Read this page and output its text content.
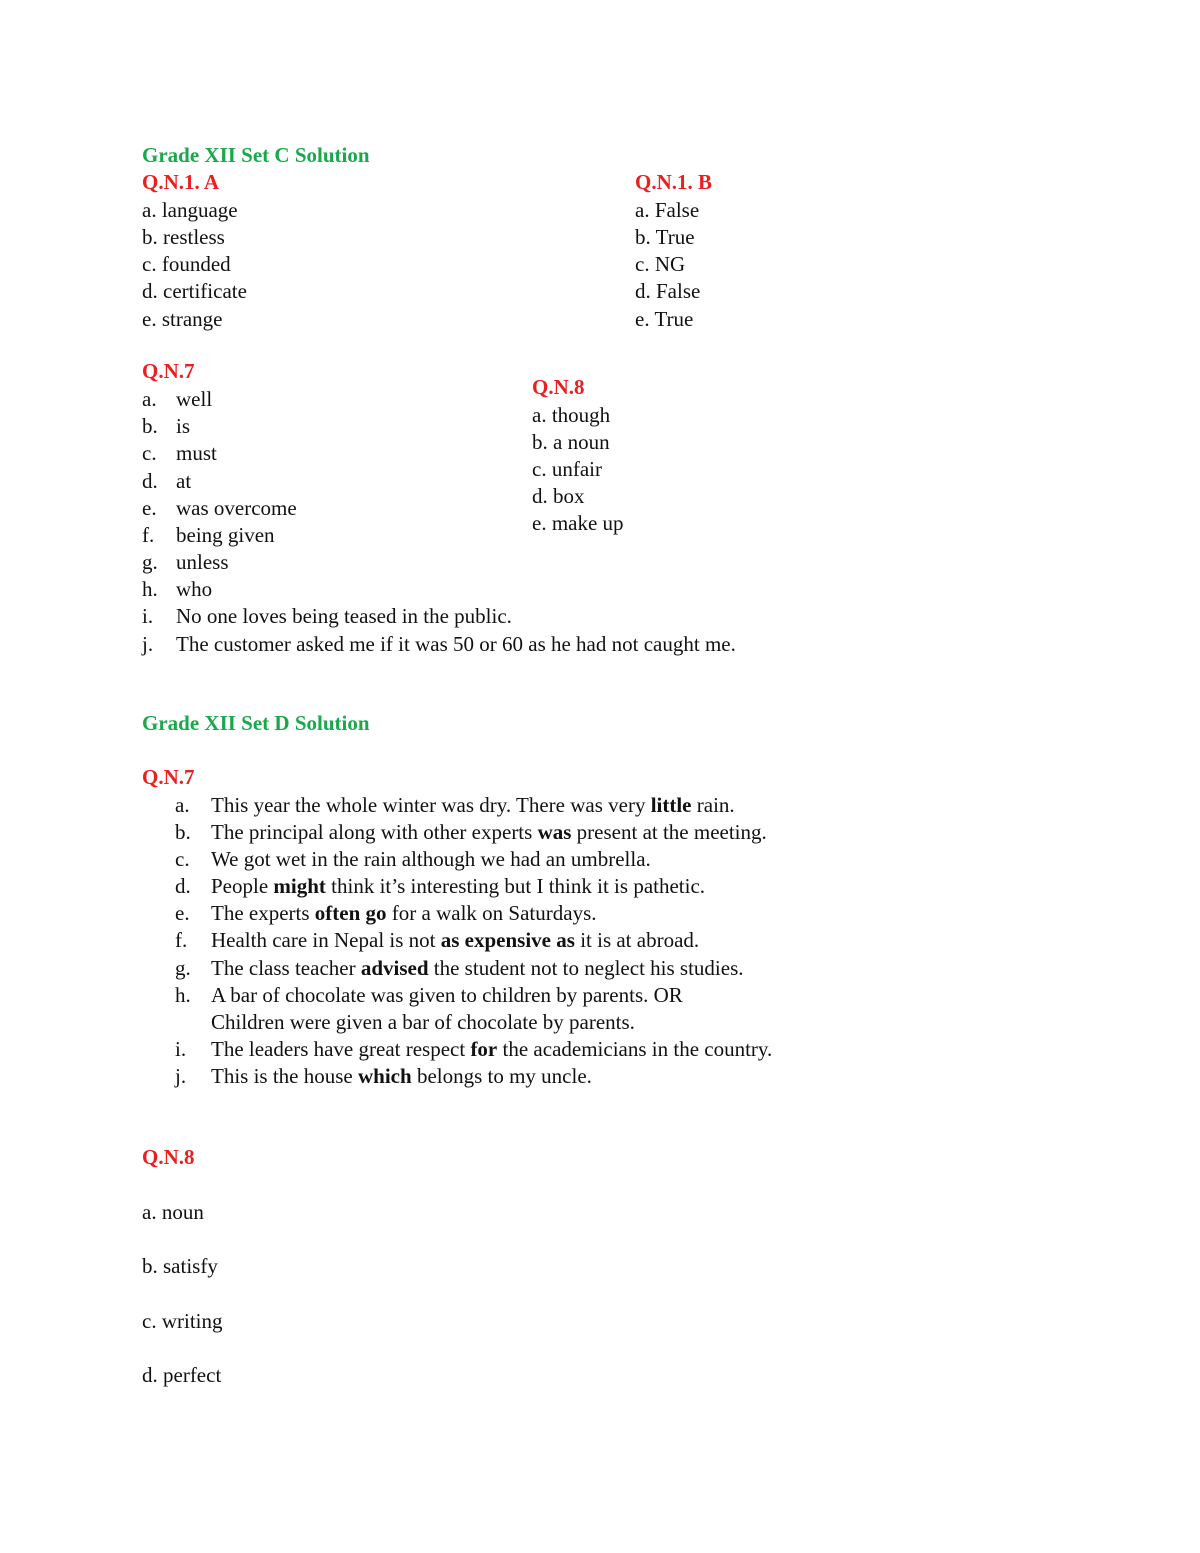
Grade XII Set C Solution
Q.N.1. A
a. language
b. restless
c. founded
d. certificate
e. strange
Q.N.1. B
a. False
b. True
c. NG
d. False
e. True
Q.N.7
a. well
b. is
c. must
d. at
e. was overcome
f. being given
g. unless
h. who
i. No one loves being teased in the public.
j. The customer asked me if it was 50 or 60 as he had not caught me.
Q.N.8
a. though
b. a noun
c. unfair
d. box
e. make up
Grade XII Set D Solution
Q.N.7
a. This year the whole winter was dry. There was very little rain.
b. The principal along with other experts was present at the meeting.
c. We got wet in the rain although we had an umbrella.
d. People might think it’s interesting but I think it is pathetic.
e. The experts often go for a walk on Saturdays.
f. Health care in Nepal is not as expensive as it is at abroad.
g. The class teacher advised the student not to neglect his studies.
h. A bar of chocolate was given to children by parents. OR
Children were given a bar of chocolate by parents.
i. The leaders have great respect for the academicians in the country.
j. This is the house which belongs to my uncle.
Q.N.8
a. noun
b. satisfy
c. writing
d. perfect
